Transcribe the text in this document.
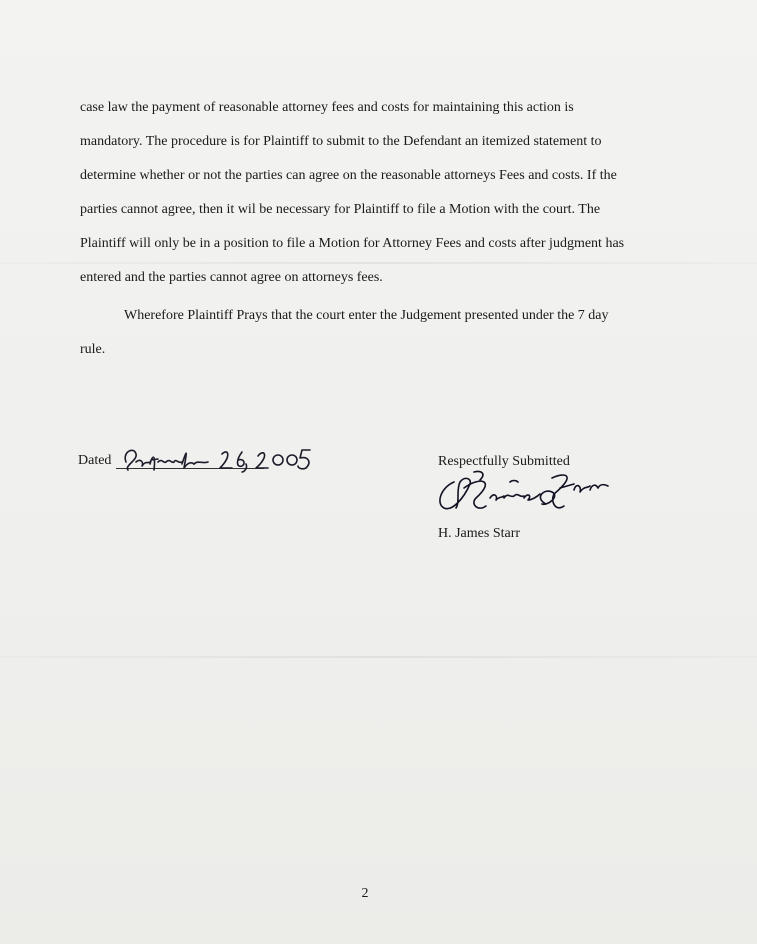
case law the payment of reasonable attorney fees and costs for maintaining this action is
mandatory. The procedure is for Plaintiff to submit to the Defendant an itemized statement to
determine whether or not the parties can agree on the reasonable attorneys Fees and costs. If the
parties cannot agree, then it wil be necessary for Plaintiff to file a Motion with the court. The
Plaintiff will only be in a position to file a Motion for Attorney Fees and costs after judgment has
entered and the parties cannot agree on attorneys fees.
Wherefore Plaintiff Prays that the court enter the Judgement presented under the 7 day
rule.
Dated	Respectfully Submitted
H. James Starr
2
